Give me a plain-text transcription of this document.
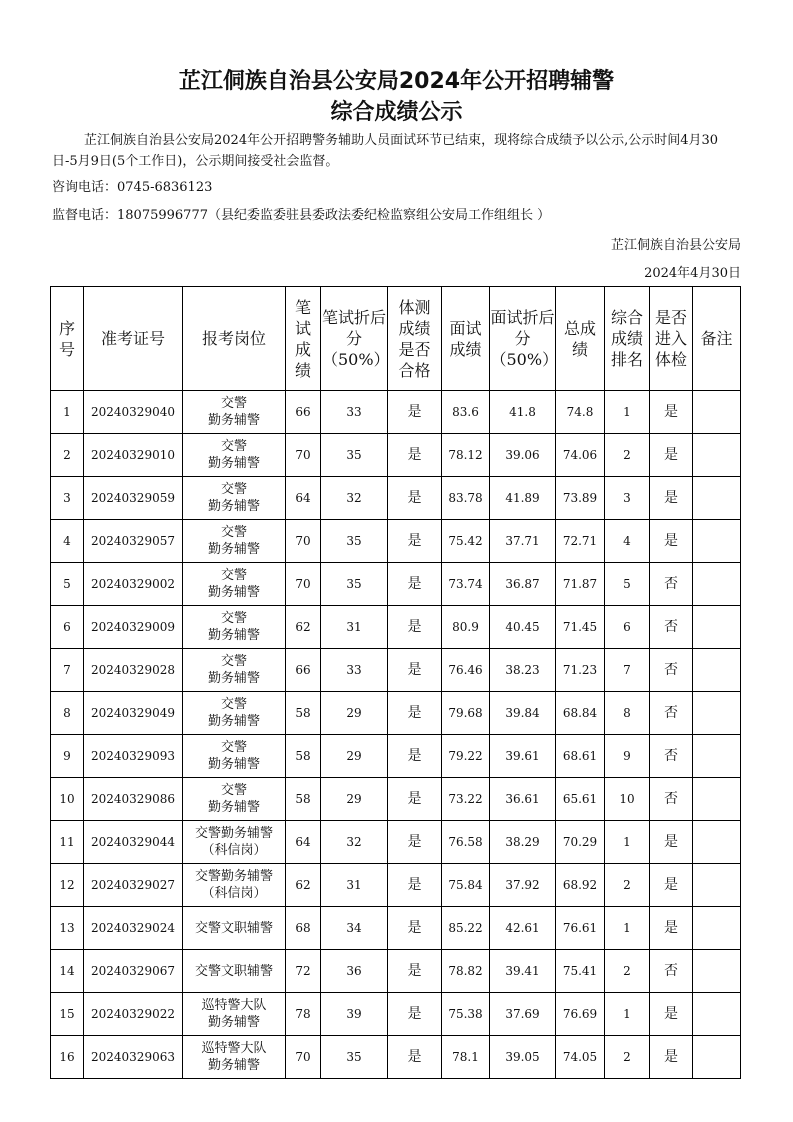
芷江侗族自治县公安局2024年公开招聘辅警
综合成绩公示
芷江侗族自治县公安局2024年公开招聘警务辅助人员面试环节已结束，现将综合成绩予以公示,公示时间4月30日-5月9日(5个工作日)，公示期间接受社会监督。
咨询电话：0745-6836123
监督电话：18075996777（县纪委监委驻县委政法委纪检监察组公安局工作组组长 ）
芷江侗族自治县公安局
2024年4月30日
序号	准考证号	报考岗位	笔试成绩	笔试折后分（50%）	体测成绩是否合格	面试成绩	面试折后分（50%）	总成绩	综合成绩排名	是否进入体检	备注
1	20240329040	交警
勤务辅警	66	33	是	83.6	41.8	74.8	1	是	
2	20240329010	交警
勤务辅警	70	35	是	78.12	39.06	74.06	2	是	
3	20240329059	交警
勤务辅警	64	32	是	83.78	41.89	73.89	3	是	
4	20240329057	交警
勤务辅警	70	35	是	75.42	37.71	72.71	4	是	
5	20240329002	交警
勤务辅警	70	35	是	73.74	36.87	71.87	5	否	
6	20240329009	交警
勤务辅警	62	31	是	80.9	40.45	71.45	6	否	
7	20240329028	交警
勤务辅警	66	33	是	76.46	38.23	71.23	7	否	
8	20240329049	交警
勤务辅警	58	29	是	79.68	39.84	68.84	8	否	
9	20240329093	交警
勤务辅警	58	29	是	79.22	39.61	68.61	9	否	
10	20240329086	交警
勤务辅警	58	29	是	73.22	36.61	65.61	10	否	
11	20240329044	交警勤务辅警
（科信岗）	64	32	是	76.58	38.29	70.29	1	是	
12	20240329027	交警勤务辅警
（科信岗）	62	31	是	75.84	37.92	68.92	2	是	
13	20240329024	交警文职辅警	68	34	是	85.22	42.61	76.61	1	是	
14	20240329067	交警文职辅警	72	36	是	78.82	39.41	75.41	2	否	
15	20240329022	巡特警大队
勤务辅警	78	39	是	75.38	37.69	76.69	1	是	
16	20240329063	巡特警大队
勤务辅警	70	35	是	78.1	39.05	74.05	2	是	
